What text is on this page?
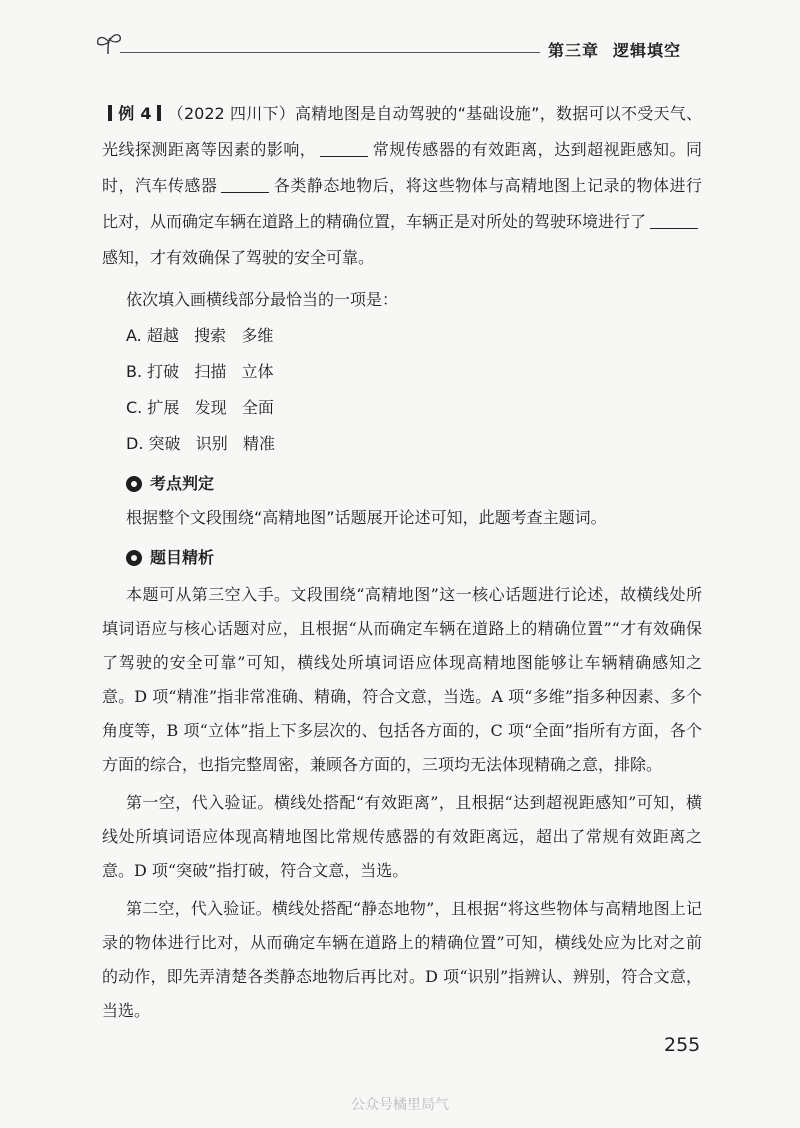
第三章 逻辑填空

例 4 （2022 四川下）高精地图是自动驾驶的“基础设施”，数据可以不受天气、光线探测距离等因素的影响，	常规传感器的有效距离，达到超视距感知。同时，汽车传感器	各类静态地物后，将这些物体与高精地图上记录的物体进行比对，从而确定车辆在道路上的精确位置，车辆正是对所处的驾驶环境进行了感知，才有效确保了驾驶的安全可靠。

依次填入画横线部分最恰当的一项是：

A. 超越   搜索   多维

B. 打破   扫描   立体

C. 扩展   发现   全面

D. 突破   识别   精准

考点判定

根据整个文段围绕“高精地图”话题展开论述可知，此题考查主题词。

题目精析

本题可从第三空入手。文段围绕“高精地图”这一核心话题进行论述，故横线处所填词语应与核心话题对应，且根据“从而确定车辆在道路上的精确位置”“才有效确保了驾驶的安全可靠”可知，横线处所填词语应体现高精地图能够让车辆精确感知之意。D 项“精准”指非常准确、精确，符合文意，当选。A 项“多维”指多种因素、多个角度等，B 项“立体”指上下多层次的、包括各方面的，C 项“全面”指所有方面，各个方面的综合，也指完整周密，兼顾各方面的，三项均无法体现精确之意，排除。

第一空，代入验证。横线处搭配“有效距离”，且根据“达到超视距感知”可知，横线处所填词语应体现高精地图比常规传感器的有效距离远，超出了常规有效距离之意。D 项“突破”指打破，符合文意，当选。

第二空，代入验证。横线处搭配“静态地物”，且根据“将这些物体与高精地图上记录的物体进行比对，从而确定车辆在道路上的精确位置”可知，横线处应为比对之前的动作，即先弄清楚各类静态地物后再比对。D 项“识别”指辨认、辨别，符合文意，当选。

255
公众号橘里局气
